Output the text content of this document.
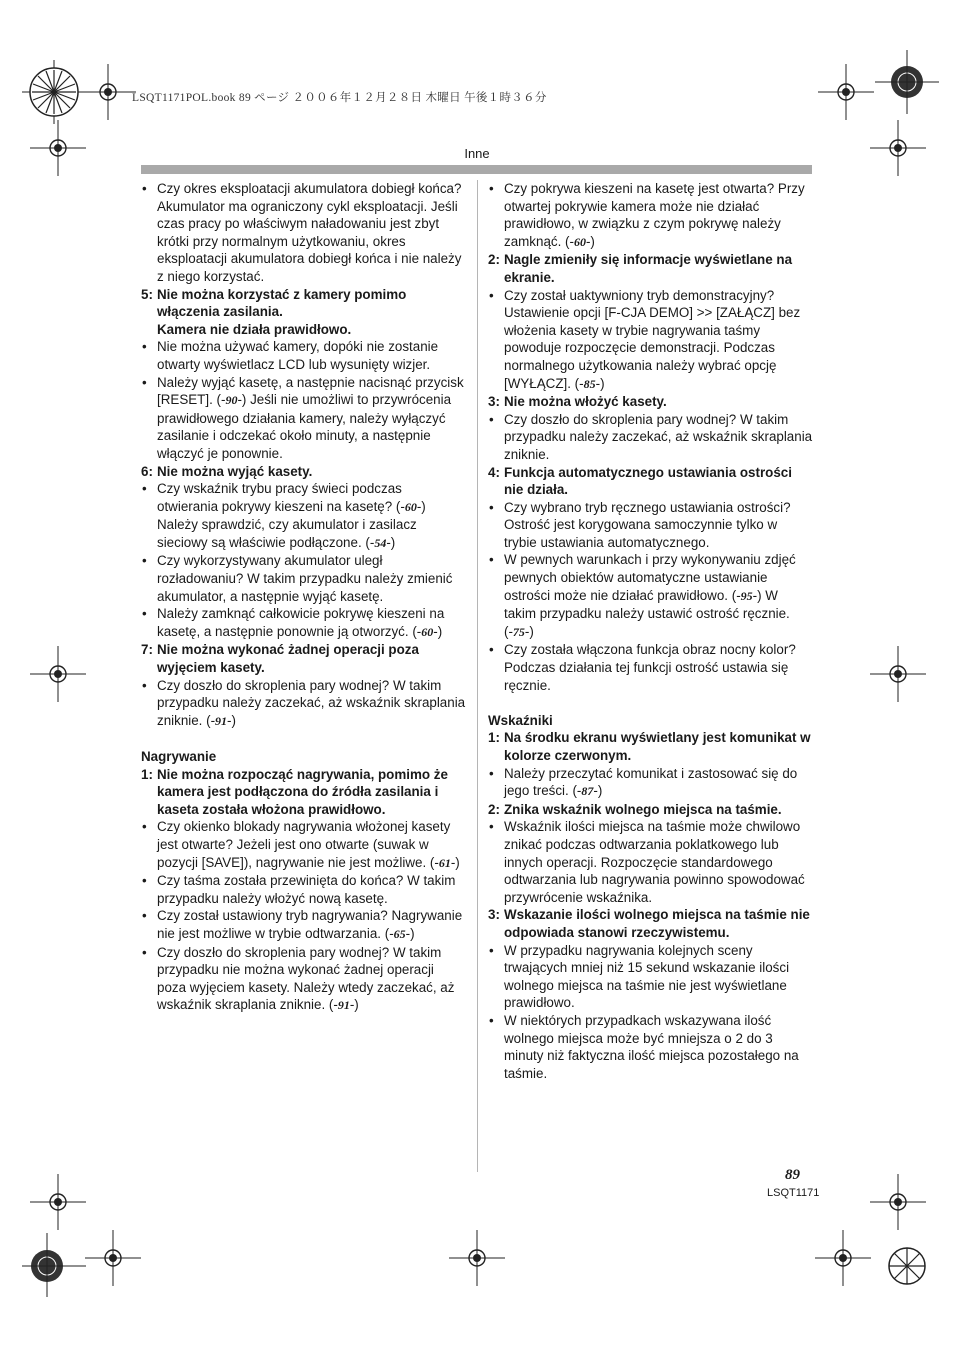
LSQT1171POL.book 89 ページ ２００６年１２月２８日 木曜日 午後１時３６分
Inne
• Czy okres eksploatacji akumulatora dobiegł końca? Akumulator ma ograniczony cykl eksploatacji. Jeśli czas pracy po właściwym naładowaniu jest zbyt krótki przy normalnym użytkowaniu, okres eksploatacji akumulatora dobiegł końca i nie należy z niego korzystać.
5: Nie można korzystać z kamery pomimo włączenia zasilania.
Kamera nie działa prawidłowo.
• Nie można używać kamery, dopóki nie zostanie otwarty wyświetlacz LCD lub wysunięty wizjer.
• Należy wyjąć kasetę, a następnie nacisnąć przycisk [RESET]. (-90-) Jeśli nie umożliwi to przywrócenia prawidłowego działania kamery, należy wyłączyć zasilanie i odczekać około minuty, a następnie włączyć je ponownie.
6: Nie można wyjąć kasety.
• Czy wskaźnik trybu pracy świeci podczas otwierania pokrywy kieszeni na kasetę? (-60-) Należy sprawdzić, czy akumulator i zasilacz sieciowy są właściwie podłączone. (-54-)
• Czy wykorzystywany akumulator uległ rozładowaniu? W takim przypadku należy zmienić akumulator, a następnie wyjąć kasetę.
• Należy zamknąć całkowicie pokrywę kieszeni na kasetę, a następnie ponownie ją otworzyć. (-60-)
7: Nie można wykonać żadnej operacji poza wyjęciem kasety.
• Czy doszło do skroplenia pary wodnej? W takim przypadku należy zaczekać, aż wskaźnik skraplania zniknie. (-91-)
Nagrywanie
1: Nie można rozpocząć nagrywania, pomimo że kamera jest podłączona do źródła zasilania i kaseta została włożona prawidłowo.
• Czy okienko blokady nagrywania włożonej kasety jest otwarte? Jeżeli jest ono otwarte (suwak w pozycji [SAVE]), nagrywanie nie jest możliwe. (-61-)
• Czy taśma została przewinięta do końca? W takim przypadku należy włożyć nową kasetę.
• Czy został ustawiony tryb nagrywania? Nagrywanie nie jest możliwe w trybie odtwarzania. (-65-)
• Czy doszło do skroplenia pary wodnej? W takim przypadku nie można wykonać żadnej operacji poza wyjęciem kasety. Należy wtedy zaczekać, aż wskaźnik skraplania zniknie. (-91-)
• Czy pokrywa kieszeni na kasetę jest otwarta? Przy otwartej pokrywie kamera może nie działać prawidłowo, w związku z czym pokrywę należy zamknąć. (-60-)
2: Nagle zmieniły się informacje wyświetlane na ekranie.
• Czy został uaktywniony tryb demonstracyjny? Ustawienie opcji [F-CJA DEMO] >> [ZAŁĄCZ] bez włożenia kasety w trybie nagrywania taśmy powoduje rozpoczęcie demonstracji. Podczas normalnego użytkowania należy wybrać opcję [WYŁĄCZ]. (-85-)
3: Nie można włożyć kasety.
• Czy doszło do skroplenia pary wodnej? W takim przypadku należy zaczekać, aż wskaźnik skraplania zniknie.
4: Funkcja automatycznego ustawiania ostrości nie działa.
• Czy wybrano tryb ręcznego ustawiania ostrości? Ostrość jest korygowana samoczynnie tylko w trybie ustawiania automatycznego.
• W pewnych warunkach i przy wykonywaniu zdjęć pewnych obiektów automatyczne ustawianie ostrości może nie działać prawidłowo. (-95-) W takim przypadku należy ustawić ostrość ręcznie. (-75-)
• Czy została włączona funkcja obraz nocny kolor? Podczas działania tej funkcji ostrość ustawia się ręcznie.
Wskaźniki
1: Na środku ekranu wyświetlany jest komunikat w kolorze czerwonym.
• Należy przeczytać komunikat i zastosować się do jego treści. (-87-)
2: Znika wskaźnik wolnego miejsca na taśmie.
• Wskaźnik ilości miejsca na taśmie może chwilowo znikać podczas odtwarzania poklatkowego lub innych operacji. Rozpoczęcie standardowego odtwarzania lub nagrywania powinno spowodować przywrócenie wskaźnika.
3: Wskazanie ilości wolnego miejsca na taśmie nie odpowiada stanowi rzeczywistemu.
• W przypadku nagrywania kolejnych sceny trwających mniej niż 15 sekund wskazanie ilości wolnego miejsca na taśmie nie jest wyświetlane prawidłowo.
• W niektórych przypadkach wskazywana ilość wolnego miejsca może być mniejsza o 2 do 3 minuty niż faktyczna ilość miejsca pozostałego na taśmie.
89
LSQT1171
